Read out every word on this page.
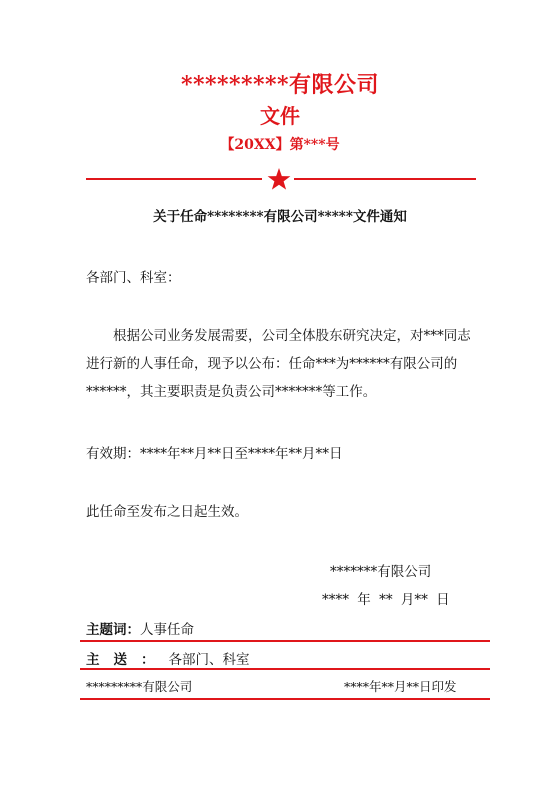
*********有限公司
文件
【20XX】第***号
关于任命********有限公司*****文件通知
各部门、科室：
根据公司业务发展需要，公司全体股东研究决定，对***同志进行新的人事任命，现予以公布：任命***为******有限公司的******，其主要职责是负责公司*******等工作。
有效期：****年**月**日至****年**月**日
此任命至发布之日起生效。
*******有限公司
**** 年 ** 月** 日
主题词：人事任命
主送：各部门、科室
*********有限公司	****年**月**日印发
